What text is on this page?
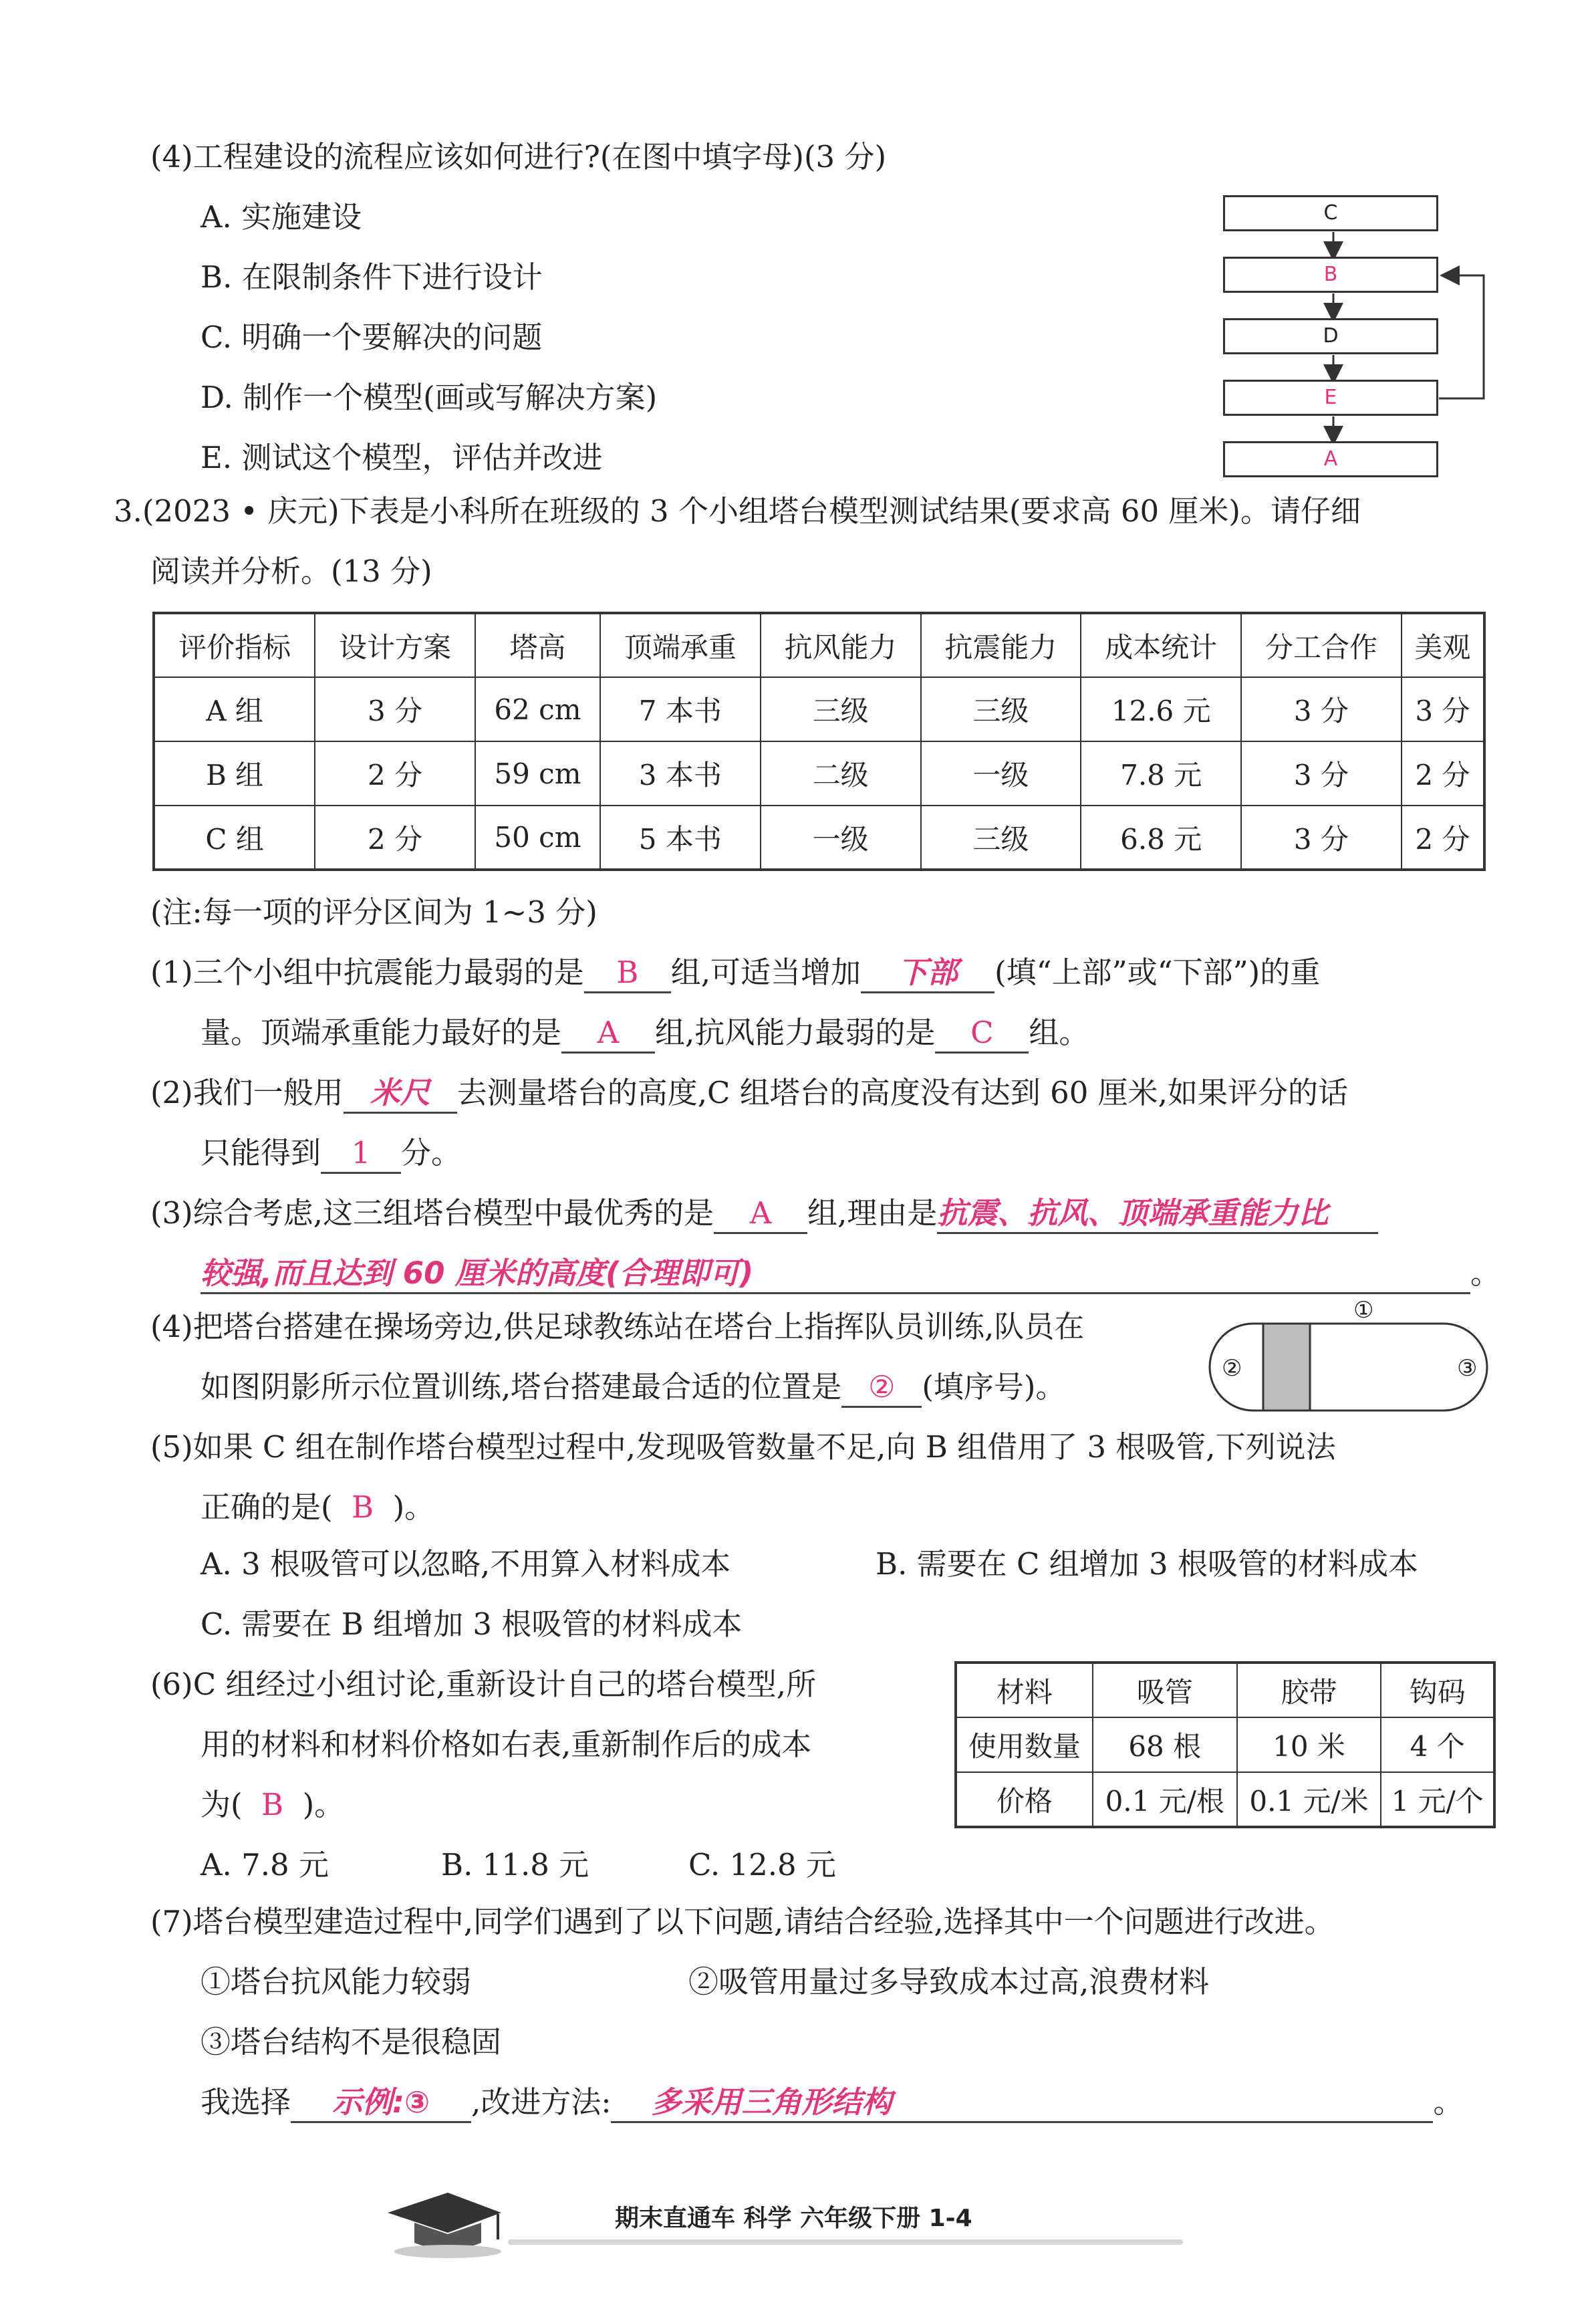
(4)工程建设的流程应该如何进行?(在图中填字母)(3 分)
A. 实施建设
B. 在限制条件下进行设计
C. 明确一个要解决的问题
D. 制作一个模型(画或写解决方案)
E. 测试这个模型，评估并改进
C
B
D
E
A
3.(2023 • 庆元)下表是小科所在班级的 3 个小组塔台模型测试结果(要求高 60 厘米)。请仔细
阅读并分析。(13 分)
评价指标	设计方案	塔高	顶端承重	抗风能力	抗震能力	成本统计	分工合作	美观
A 组	3 分	62 cm	7 本书	三级	三级	12.6 元	3 分	3 分
B 组	2 分	59 cm	3 本书	二级	一级	7.8 元	3 分	2 分
C 组	2 分	50 cm	5 本书	一级	三级	6.8 元	3 分	2 分
(注:每一项的评分区间为 1~3 分)
(1)三个小组中抗震能力最弱的是 B 组,可适当增加 下部 (填“上部”或“下部”)的重
量。顶端承重能力最好的是 A 组,抗风能力最弱的是 C 组。
(2)我们一般用 米尺 去测量塔台的高度,C 组塔台的高度没有达到 60 厘米,如果评分的话
只能得到 1 分。
(3)综合考虑,这三组塔台模型中最优秀的是 A 组,理由是抗震、抗风、顶端承重能力比
较强,而且达到 60 厘米的高度(合理即可)	。
(4)把塔台搭建在操场旁边,供足球教练站在塔台上指挥队员训练,队员在
如图阴影所示位置训练,塔台搭建最合适的位置是 ② (填序号)。
①
②	③
(5)如果 C 组在制作塔台模型过程中,发现吸管数量不足,向 B 组借用了 3 根吸管,下列说法
正确的是( B )。
A. 3 根吸管可以忽略,不用算入材料成本	B. 需要在 C 组增加 3 根吸管的材料成本
C. 需要在 B 组增加 3 根吸管的材料成本
(6)C 组经过小组讨论,重新设计自己的塔台模型,所
用的材料和材料价格如右表,重新制作后的成本
为( B )。
A. 7.8 元	B. 11.8 元	C. 12.8 元
材料	吸管	胶带	钩码
使用数量	68 根	10 米	4 个
价格	0.1 元/根	0.1 元/米	1 元/个
(7)塔台模型建造过程中,同学们遇到了以下问题,请结合经验,选择其中一个问题进行改进。
①塔台抗风能力较弱	②吸管用量过多导致成本过高,浪费材料
③塔台结构不是很稳固
我选择 示例:③ ,改进方法: 多采用三角形结构	。
期末直通车 科学 六年级下册 1-4
